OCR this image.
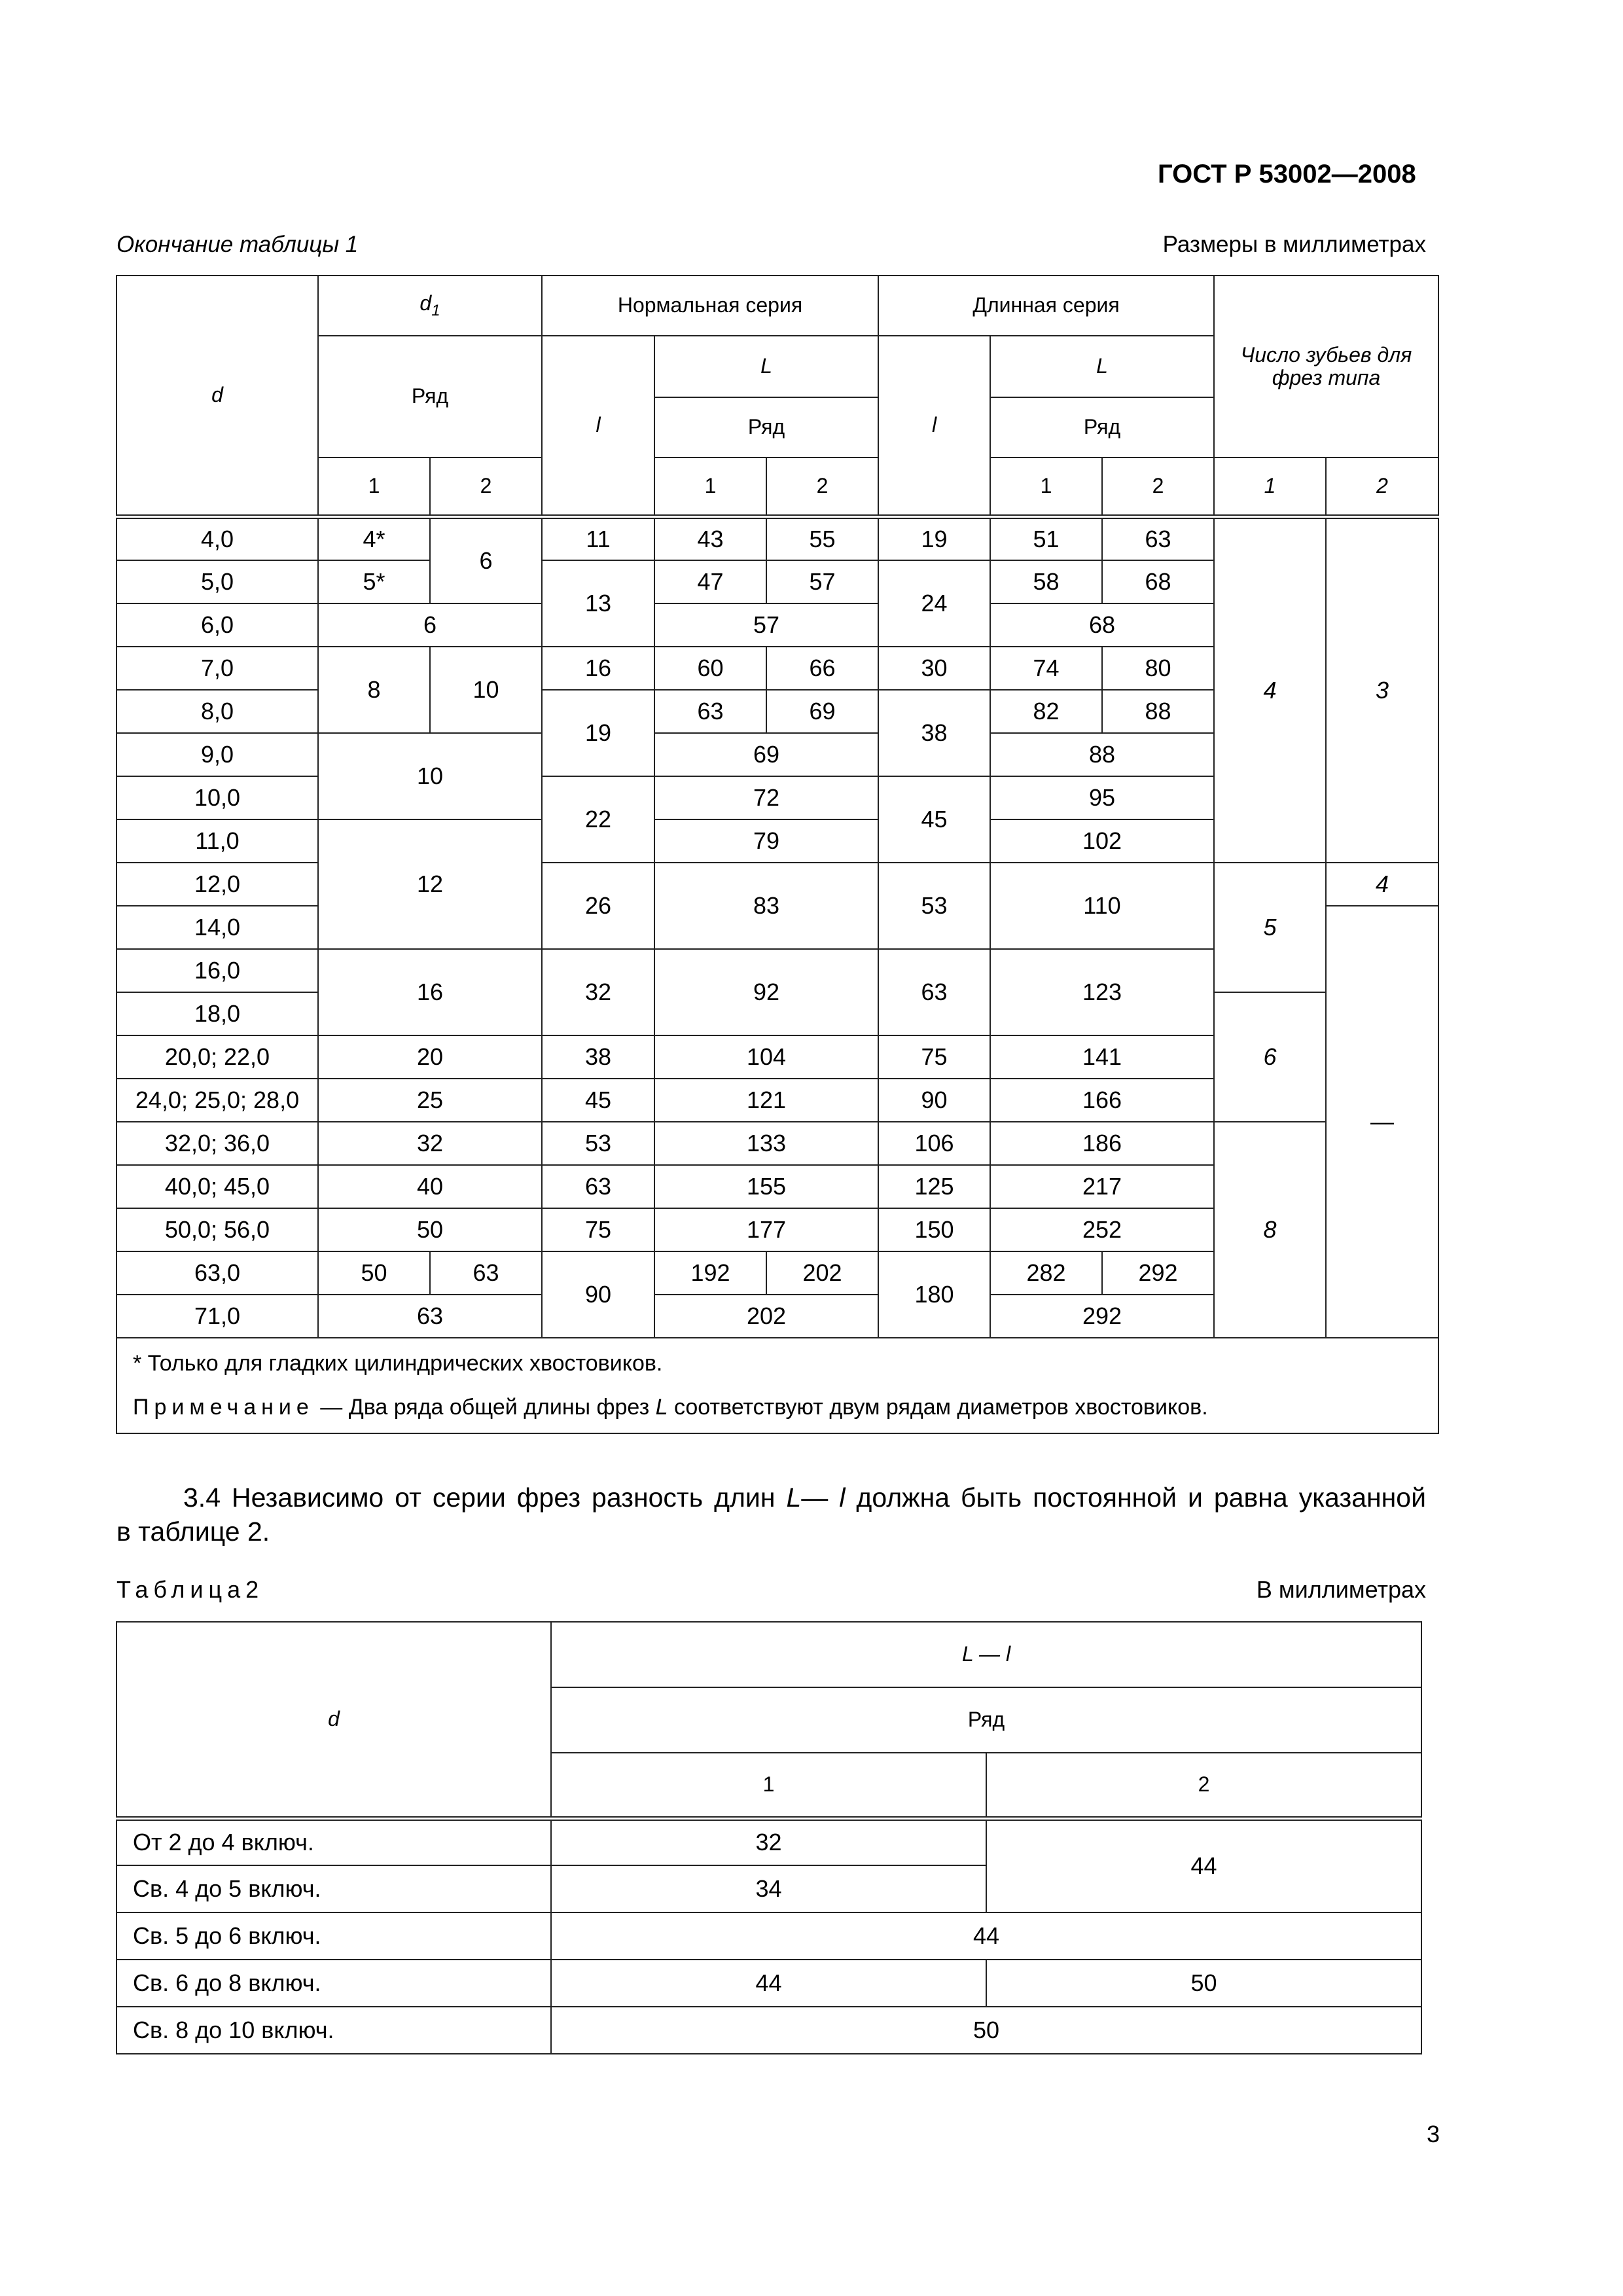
ГОСТ Р 53002—2008
Окончание таблицы 1	Размеры в миллиметрах
d	$d_1$		Нормальная серия			Длинная серия			Число зубьев для фрез типа	
	Ряд		l	L		l	L			
				Ряд			Ряд			
	1	2		1	2		1	2	1	2
4,0	4*	6	11	43	55	19	51	63	4	3
5,0	5*		13	47	57	24	58	68		
6,0	6			57			68			
7,0	8	10	16	60	66	30	74	80		
8,0			19	63	69	38	82	88		
9,0	10			69			88			
10,0			22	72		45	95			
11,0	12			79			102			
12,0			26	83		53	110		5	4
14,0										—
16,0	16		32	92		63	123			
18,0									6	
20,0; 22,0	20		38	104		75	141			
24,0; 25,0; 28,0	25		45	121		90	166			
32,0; 36,0	32		53	133		106	186		8	
40,0; 45,0	40		63	155		125	217			
50,0; 56,0	50		75	177		150	252			
63,0	50	63	90	192	202	180	282	292		
71,0	63			202			292			

* Только для гладких цилиндрических хвостовиков.
Примечание — Два ряда общей длины фрез L соответствуют двум рядам диаметров хвостовиков.										
3.4 Независимо от серии фрез разность длин L— l должна быть постоянной и равна указанной
в таблице 2.
Таблица2	В миллиметрах
d	L — l	
	Ряд	
	1	2
От 2 до 4 включ.	32	44
Св. 4 до 5 включ.	34	
Св. 5 до 6 включ.	44	
Св. 6 до 8 включ.	44	50
Св. 8 до 10 включ.	50	
3
